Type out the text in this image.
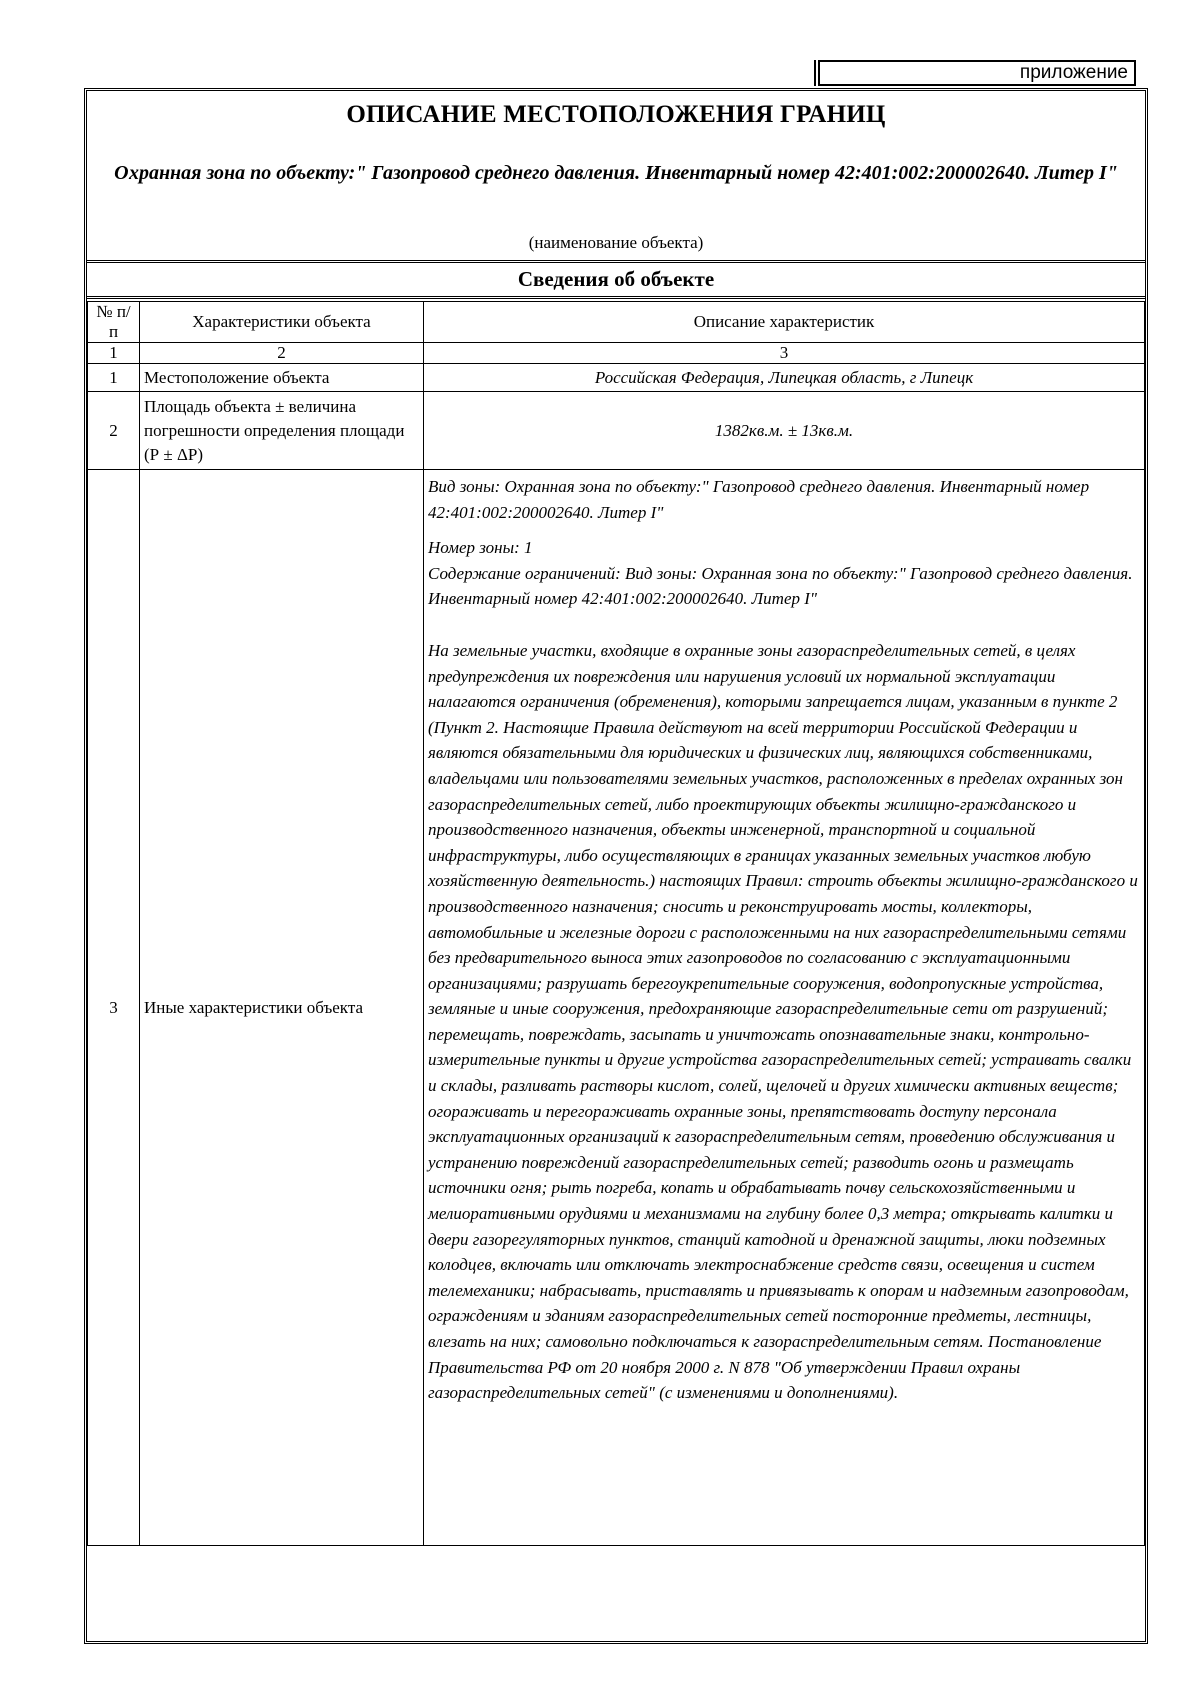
приложение
ОПИСАНИЕ МЕСТОПОЛОЖЕНИЯ ГРАНИЦ
Охранная зона по объекту:" Газопровод среднего давления. Инвентарный номер 42:401:002:200002640. Литер I"
(наименование объекта)
Сведения об объекте
№ п/п	Характеристики объекта	Описание характеристик
1	2	3
1	Местоположение объекта	Российская Федерация, Липецкая область, г Липецк
2	Площадь объекта ± величина погрешности определения площади (Р ± ΔР)	1382кв.м. ± 13кв.м.
3	Иные характеристики объекта	Вид зоны: Охранная зона по объекту:" Газопровод среднего давления. Инвентарный номер 42:401:002:200002640. Литер I"

Номер зоны: 1

Содержание ограничений: Вид зоны: Охранная зона по объекту:" Газопровод среднего давления. Инвентарный номер 42:401:002:200002640. Литер I"

На земельные участки, входящие в охранные зоны газораспределительных сетей, в целях предупреждения их повреждения или нарушения условий их нормальной эксплуатации налагаются ограничения (обременения), которыми запрещается лицам, указанным в пункте 2 (Пункт 2. Настоящие Правила действуют на всей территории Российской Федерации и являются обязательными для юридических и физических лиц, являющихся собственниками, владельцами или пользователями земельных участков, расположенных в пределах охранных зон газораспределительных сетей, либо проектирующих объекты жилищно-гражданского и производственного назначения, объекты инженерной, транспортной и социальной инфраструктуры, либо осуществляющих в границах указанных земельных участков любую хозяйственную деятельность.) настоящих Правил: строить объекты жилищно-гражданского и производственного назначения; сносить и реконструировать мосты, коллекторы, автомобильные и железные дороги с расположенными на них газораспределительными сетями без предварительного выноса этих газопроводов по согласованию с эксплуатационными организациями; разрушать берегоукрепительные сооружения, водопропускные устройства, земляные и иные сооружения, предохраняющие газораспределительные сети от разрушений; перемещать, повреждать, засыпать и уничтожать опознавательные знаки, контрольно-измерительные пункты и другие устройства газораспределительных сетей; устраивать свалки и склады, разливать растворы кислот, солей, щелочей и других химически активных веществ; огораживать и перегораживать охранные зоны, препятствовать доступу персонала эксплуатационных организаций к газораспределительным сетям, проведению обслуживания и устранению повреждений газораспределительных сетей; разводить огонь и размещать источники огня; рыть погреба, копать и обрабатывать почву сельскохозяйственными и мелиоративными орудиями и механизмами на глубину более 0,3 метра; открывать калитки и двери газорегуляторных пунктов, станций катодной и дренажной защиты, люки подземных колодцев, включать или отключать электроснабжение средств связи, освещения и систем телемеханики; набрасывать, приставлять и привязывать к опорам и надземным газопроводам, ограждениям и зданиям газораспределительных сетей посторонние предметы, лестницы, влезать на них; самовольно подключаться к газораспределительным сетям. Постановление Правительства РФ от 20 ноября 2000 г. N 878 "Об утверждении Правил охраны газораспределительных сетей" (с изменениями и дополнениями).
